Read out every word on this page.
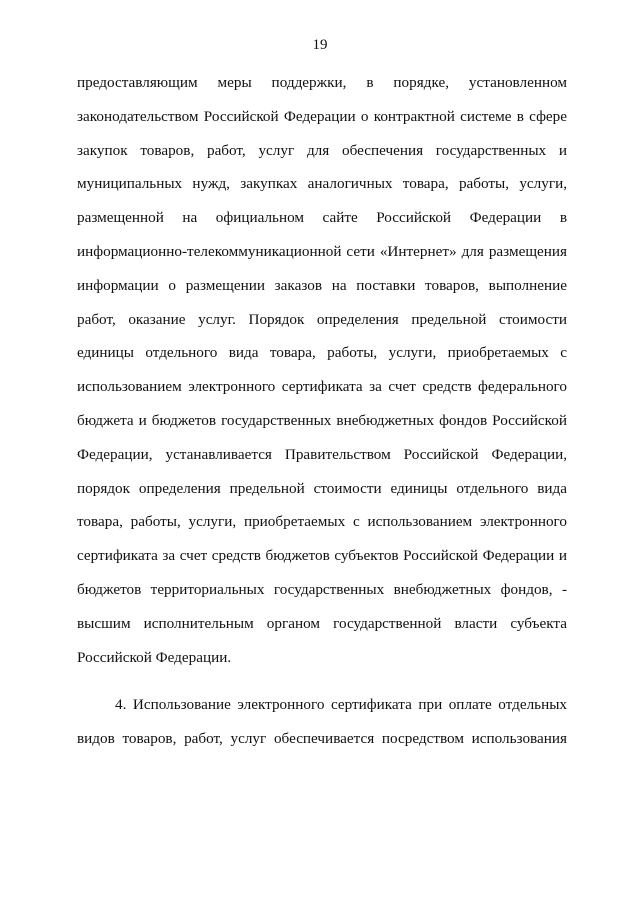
19
предоставляющим меры поддержки, в порядке, установленном
законодательством Российской Федерации о контрактной системе в сфере
закупок товаров, работ, услуг для обеспечения государственных и
муниципальных нужд, закупках аналогичных товара, работы, услуги,
размещенной на официальном сайте Российской Федерации в
информационно-телекоммуникационной сети «Интернет» для размещения
информации о размещении заказов на поставки товаров, выполнение
работ, оказание услуг. Порядок определения предельной стоимости
единицы отдельного вида товара, работы, услуги, приобретаемых с
использованием электронного сертификата за счет средств федерального
бюджета и бюджетов государственных внебюджетных фондов Российской
Федерации, устанавливается Правительством Российской Федерации,
порядок определения предельной стоимости единицы отдельного вида
товара, работы, услуги, приобретаемых с использованием электронного
сертификата за счет средств бюджетов субъектов Российской Федерации и
бюджетов территориальных государственных внебюджетных фондов, -
высшим исполнительным органом государственной власти субъекта
Российской Федерации.
4. Использование электронного сертификата при оплате отдельных
видов товаров, работ, услуг обеспечивается посредством использования
